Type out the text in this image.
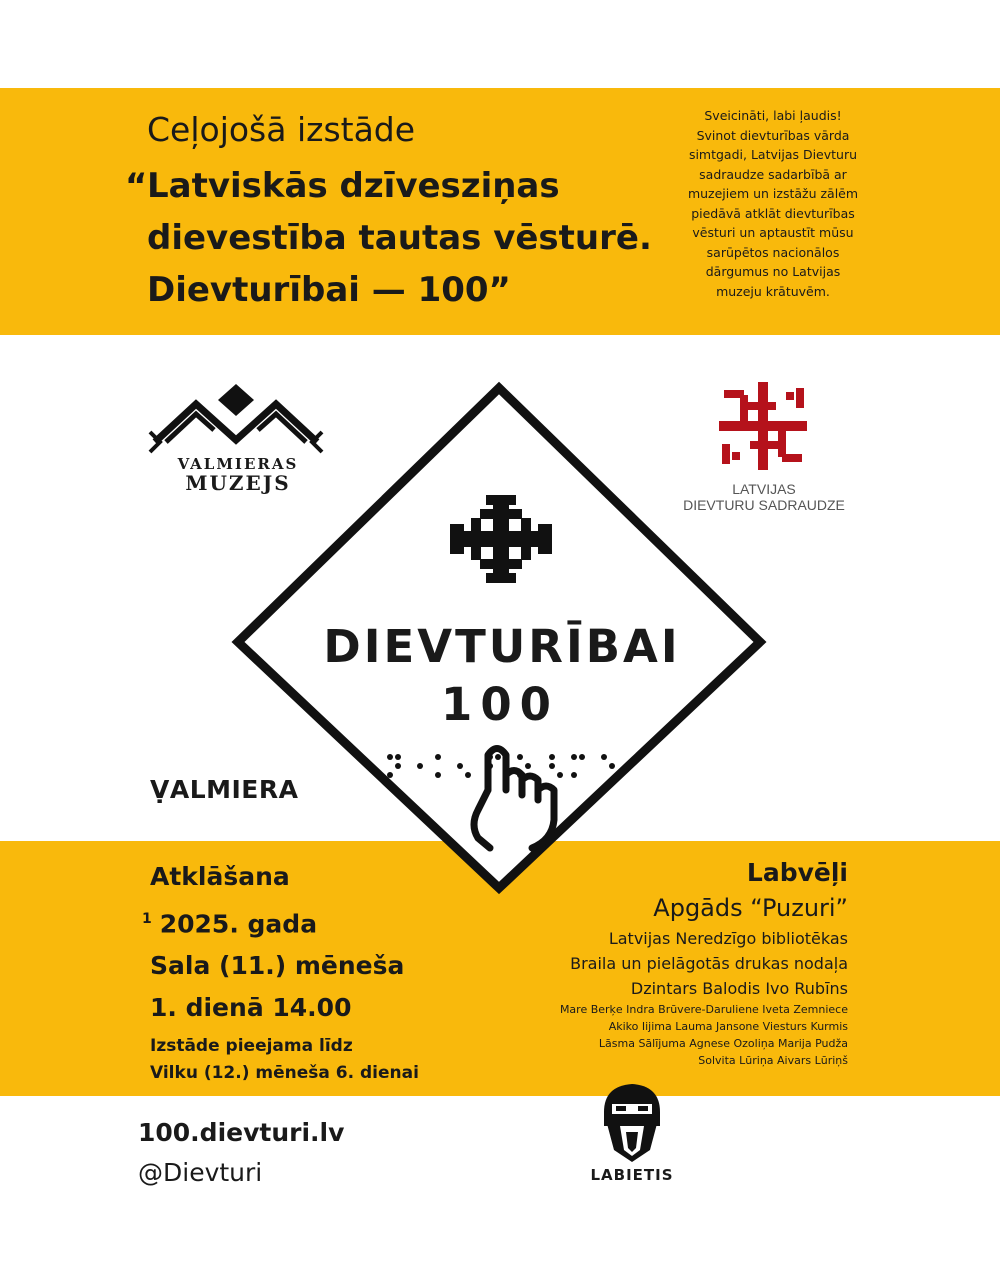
Ceļojošā izstāde
“ Latviskās dzīvesziņas
dievestība tautas vēsturē.
Dievturībai — 100”
Sveicināti, labi ļaudis!
Svinot dievturības vārda
simtgadi, Latvijas Dievturu
sadraudze sadarbībā ar
muzejiem un izstāžu zālēm
piedāvā atklāt dievturības
vēsturi un aptaustīt mūsu
sarūpētos nacionālos
dārgumus no Latvijas
muzeju krātuvēm.
VALMIERAS
MUZEJS	LATVIJAS
DIEVTURU SADRAUDZE
ṾALMIERA
DIEVTURĪBAI
100
Atklāšana
$^1$ 2025. gada
Sala (11.) mēneša
1. dienā 14.00
Izstāde pieejama līdz
Vilku (12.) mēneša 6. dienai
Labvēļi
Apgāds “Puzuri”
Latvijas Neredzīgo bibliotēkas
Braila un pielāgotās drukas nodaļa
Dzintars Balodis Ivo Rubīns
Mare Berķe Indra Brūvere-Daruliene Iveta Zemniece
Akiko Iijima Lauma Jansone Viesturs Kurmis
Lāsma Sālījuma Agnese Ozoliņa Marija Pudža
Solvita Lūriņa Aivars Lūriņš
100.dievturi.lv
@Dievturi	LABIETIS
